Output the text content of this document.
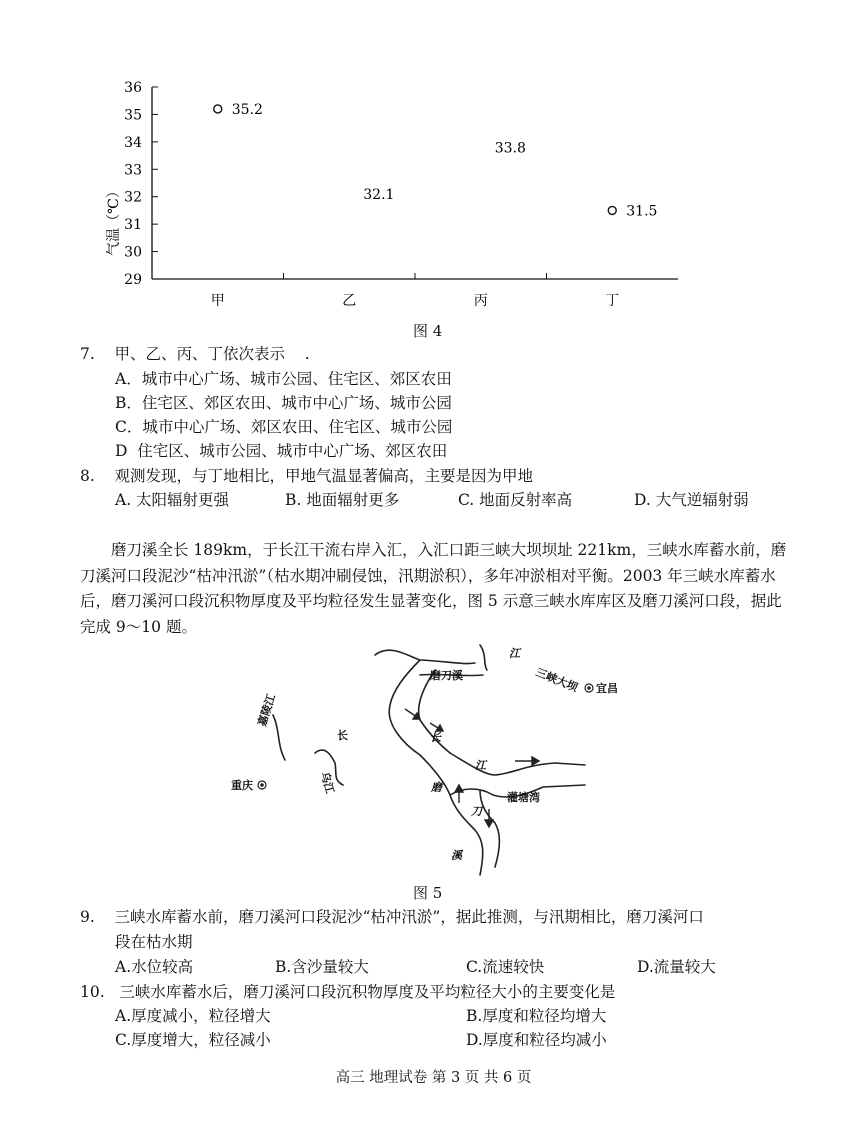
29
30
31
32
33
34
35
36
甲	乙	丙	丁
35.2
32.1
33.8
31.5
气温（℃）
图 4
7.    甲、乙、丙、丁依次表示    .
A．城市中心广场、城市公园、住宅区、郊区农田
B．住宅区、郊区农田、城市中心广场、城市公园
C．城市中心广场、郊区农田、住宅区、城市公园
D  住宅区、城市公园、城市中心广场、郊区农田
8.    观测发现，与丁地相比，甲地气温显著偏高，主要是因为甲地
A. 太阳辐射更强	B. 地面辐射更多	C. 地面反射率高	D. 大气逆辐射弱
磨刀溪全长 189km，于长江干流右岸入汇，入汇口距三峡大坝坝址 221km，三峡水库蓄水前，磨刀溪河口段泥沙“枯冲汛淤”（枯水期冲刷侵蚀，汛期淤积），多年冲淤相对平衡。2003 年三峡水库蓄水后，磨刀溪河口段沉积物厚度及平均粒径发生显著变化，图 5 示意三峡水库库区及磨刀溪河口段，据此完成 9～10 题。
江
磨刀溪	三峡大坝 宜昌
嘉陵江
长
乌江
重庆
长
江
磨
灌塘湾
刀
溪
图 5
9.    三峡水库蓄水前，磨刀溪河口段泥沙“枯冲汛淤”，据此推测，与汛期相比，磨刀溪河口
段在枯水期
A.水位较高	B.含沙量较大	C.流速较快	D.流量较大
10.   三峡水库蓄水后，磨刀溪河口段沉积物厚度及平均粒径大小的主要变化是
A.厚度减小，粒径增大	B.厚度和粒径均增大
C.厚度增大，粒径减小	D.厚度和粒径均减小
高三 地理试卷 第 3 页 共 6 页
